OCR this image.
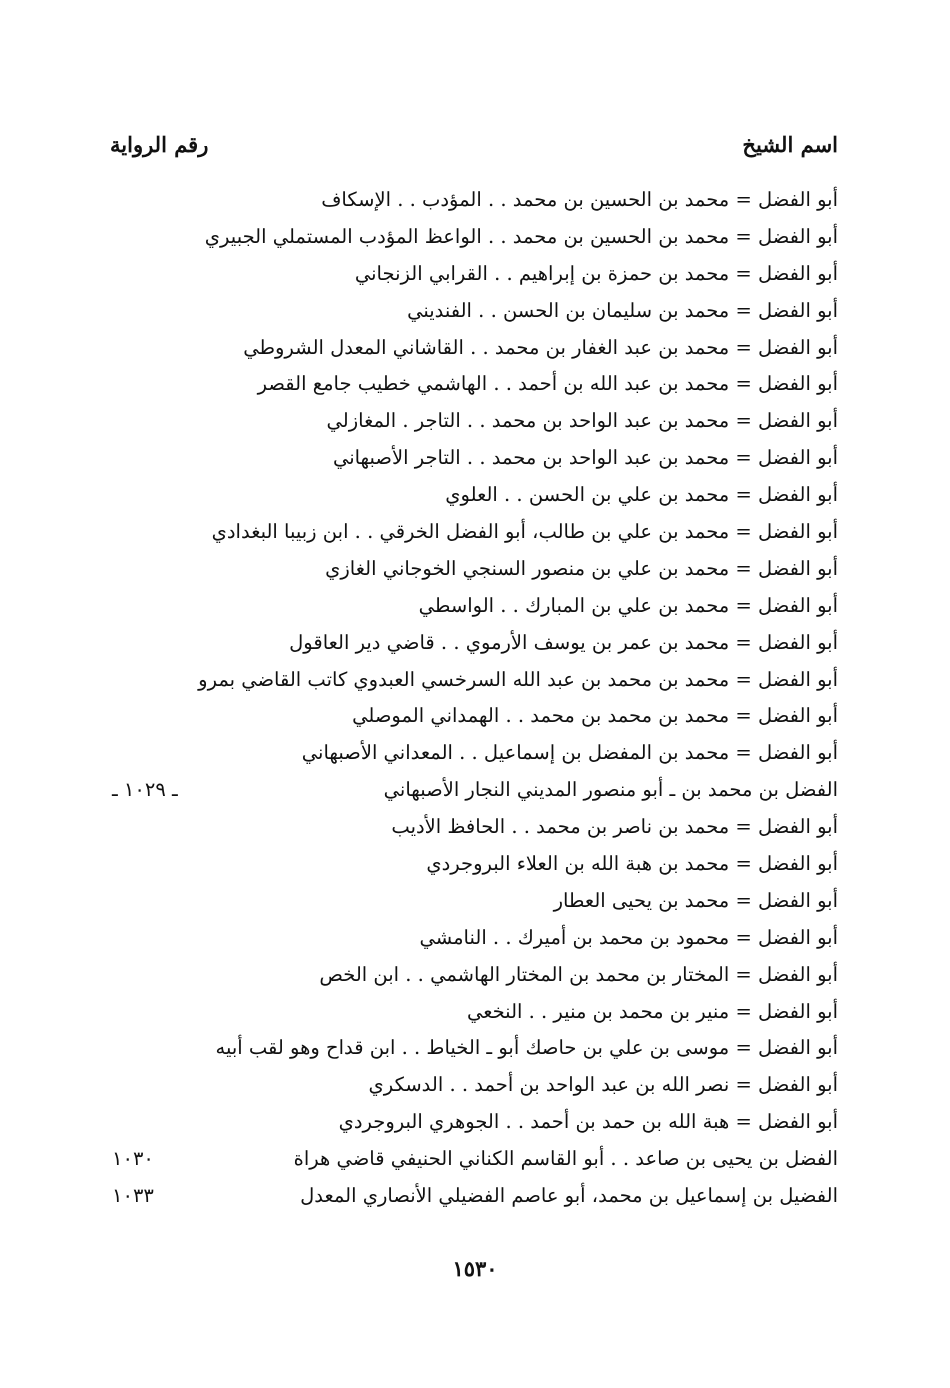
اسم الشيخ
رقم الرواية
أبو الفضل = محمد بن الحسين بن محمد . . المؤدب . . الإسكاف
أبو الفضل = محمد بن الحسين بن محمد . . الواعظ المؤدب المستملي الجبيري
أبو الفضل = محمد بن حمزة بن إبراهيم . . القرابي الزنجاني
أبو الفضل = محمد بن سليمان بن الحسن . . الفنديني
أبو الفضل = محمد بن عبد الغفار بن محمد . . القاشاني المعدل الشروطي
أبو الفضل = محمد بن عبد الله بن أحمد . . الهاشمي خطيب جامع القصر
أبو الفضل = محمد بن عبد الواحد بن محمد . . التاجر . المغازلي
أبو الفضل = محمد بن عبد الواحد بن محمد . . التاجر الأصبهاني
أبو الفضل = محمد بن علي بن الحسن . . العلوي
أبو الفضل = محمد بن علي بن طالب، أبو الفضل الخرقي . . ابن زبيبا البغدادي
أبو الفضل = محمد بن علي بن منصور السنجي الخوجاني الغازي
أبو الفضل = محمد بن علي بن المبارك . . الواسطي
أبو الفضل = محمد بن عمر بن يوسف الأرموي . . قاضي دير العاقول
أبو الفضل = محمد بن محمد بن عبد الله السرخسي العبدوي كاتب القاضي بمرو
أبو الفضل = محمد بن محمد بن محمد . . الهمداني الموصلي
أبو الفضل = محمد بن المفضل بن إسماعيل . . المعداني الأصبهاني
الفضل بن محمد بن ـ أبو منصور المديني النجار الأصبهاني
ـ ١٠٢٩ ـ
أبو الفضل = محمد بن ناصر بن محمد . . الحافظ الأديب
أبو الفضل = محمد بن هبة الله بن العلاء البروجردي
أبو الفضل = محمد بن يحيى العطار
أبو الفضل = محمود بن محمد بن أميرك . . النامشي
أبو الفضل = المختار بن محمد بن المختار الهاشمي . . ابن الخص
أبو الفضل = منير بن محمد بن منير . . النخعي
أبو الفضل = موسى بن علي بن حاصك أبو ـ الخياط . . ابن قداح وهو لقب أبيه
أبو الفضل = نصر الله بن عبد الواحد بن أحمد . . الدسكري
أبو الفضل = هبة الله بن حمد بن أحمد . . الجوهري البروجردي
الفضل بن يحيى بن صاعد . . أبو القاسم الكناني الحنيفي قاضي هراة
١٠٣٠
الفضيل بن إسماعيل بن محمد، أبو عاصم الفضيلي الأنصاري المعدل
١٠٣٣
١٥٣٠
